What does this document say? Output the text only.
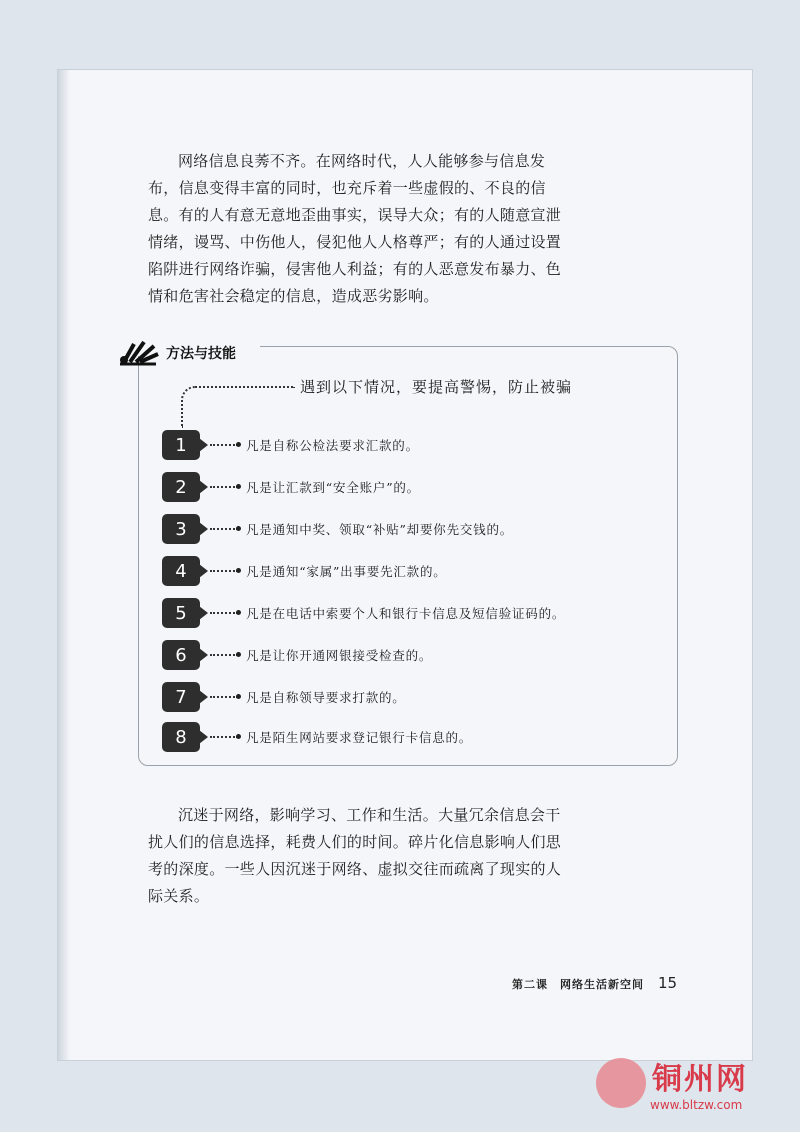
网络信息良莠不齐。在网络时代，人人能够参与信息发布，信息变得丰富的同时，也充斥着一些虚假的、不良的信息。有的人有意无意地歪曲事实，误导大众；有的人随意宣泄情绪，谩骂、中伤他人，侵犯他人人格尊严；有的人通过设置陷阱进行网络诈骗，侵害他人利益；有的人恶意发布暴力、色情和危害社会稳定的信息，造成恶劣影响。

方法与技能
遇到以下情况，要提高警惕，防止被骗
1	凡是自称公检法要求汇款的。
2	凡是让汇款到“安全账户”的。
3	凡是通知中奖、领取“补贴”却要你先交钱的。
4	凡是通知“家属”出事要先汇款的。
5	凡是在电话中索要个人和银行卡信息及短信验证码的。
6	凡是让你开通网银接受检查的。
7	凡是自称领导要求打款的。
8	凡是陌生网站要求登记银行卡信息的。

沉迷于网络，影响学习、工作和生活。大量冗余信息会干扰人们的信息选择，耗费人们的时间。碎片化信息影响人们思考的深度。一些人因沉迷于网络、虚拟交往而疏离了现实的人际关系。

第二课　网络生活新空间 15
铜州网
www.bltzw.com
